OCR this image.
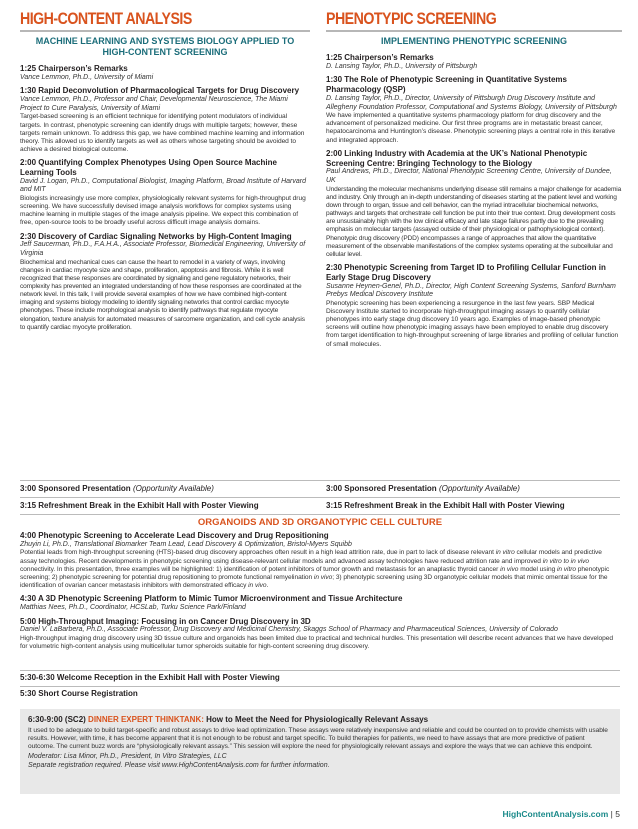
HIGH-CONTENT ANALYSIS
MACHINE LEARNING AND SYSTEMS BIOLOGY APPLIED TO HIGH-CONTENT SCREENING
1:25 Chairperson’s Remarks
Vance Lemmon, Ph.D., University of Miami
1:30 Rapid Deconvolution of Pharmacological Targets for Drug Discovery
Vance Lemmon, Ph.D., Professor and Chair, Developmental Neuroscience, The Miami Project to Cure Paralysis, University of Miami
Target-based screening is an efficient technique for identifying potent modulators of individual targets. In contrast, phenotypic screening can identify drugs with multiple targets; however, these targets remain unknown. To address this gap, we have combined machine learning and information theory. This allowed us to identify targets as well as others whose targeting should be avoided to achieve a desired biological outcome.
2:00 Quantifying Complex Phenotypes Using Open Source Machine Learning Tools
David J. Logan, Ph.D., Computational Biologist, Imaging Platform, Broad Institute of Harvard and MIT
Biologists increasingly use more complex, physiologically relevant systems for high-throughput drug screening. We have successfully devised image analysis workflows for complex systems using machine learning in multiple stages of the image analysis pipeline. We expect this combination of free, open-source tools to be broadly useful across difficult image analysis domains.
2:30 Discovery of Cardiac Signaling Networks by High-Content Imaging
Jeff Saucerman, Ph.D., F.A.H.A., Associate Professor, Biomedical Engineering, University of Virginia
Biochemical and mechanical cues can cause the heart to remodel in a variety of ways, involving changes in cardiac myocyte size and shape, proliferation, apoptosis and fibrosis. While it is well recognized that these responses are coordinated by signaling and gene regulatory networks, their complexity has prevented an integrated understanding of how these responses are coordinated at the network level. In this talk, I will provide several examples of how we have combined high-content imaging and systems biology modeling to identify signaling networks that control cardiac myocyte phenotypes. These include morphological analysis to identify pathways that regulate myocyte elongation, texture analysis for automated measures of sarcomere organization, and cell cycle analysis to quantify cardiac myocyte proliferation.
PHENOTYPIC SCREENING
IMPLEMENTING PHENOTYPIC SCREENING
1:25 Chairperson’s Remarks
D. Lansing Taylor, Ph.D., University of Pittsburgh
1:30 The Role of Phenotypic Screening in Quantitative Systems Pharmacology (QSP)
D. Lansing Taylor, Ph.D., Director, University of Pittsburgh Drug Discovery Institute and Allegheny Foundation Professor, Computational and Systems Biology, University of Pittsburgh
We have implemented a quantitative systems pharmacology platform for drug discovery and the advancement of personalized medicine. Our first three programs are in metastatic breast cancer, hepatocarcinoma and Huntington’s disease. Phenotypic screening plays a central role in this iterative and integrated approach.
2:00 Linking Industry with Academia at the UK’s National Phenotypic Screening Centre: Bringing Technology to the Biology
Paul Andrews, Ph.D., Director, National Phenotypic Screening Centre, University of Dundee, UK
Understanding the molecular mechanisms underlying disease still remains a major challenge for academia and industry. Only through an in-depth understanding of diseases starting at the patient level and working down through to organ, tissue and cell behavior, can the myriad intracellular biochemical networks, pathways and targets that orchestrate cell function be put into their true context. Drug development costs are unsustainably high with the low clinical efficacy and late stage failures partly due to the prevailing emphasis on molecular targets (assayed outside of their physiological or pathophysiological context). Phenotypic drug discovery (PDD) encompasses a range of approaches that allow the quantitative measurement of the observable manifestations of the complex systems operating at the subcellular and cellular level.
2:30 Phenotypic Screening from Target ID to Profiling Cellular Function in Early Stage Drug Discovery
Susanne Heynen-Genel, Ph.D., Director, High Content Screening Systems, Sanford Burnham Prebys Medical Discovery Institute
Phenotypic screening has been experiencing a resurgence in the last few years. SBP Medical Discovery Institute started to incorporate high-throughput imaging assays to quantify cellular phenotypes into early stage drug discovery 10 years ago. Examples of image-based phenotypic screens will outline how phenotypic imaging assays have been employed to enable drug discovery from target identification to high-throughput screening of large libraries and profiling of cellular function of small molecules.
3:00 Sponsored Presentation (Opportunity Available)	3:00 Sponsored Presentation (Opportunity Available)
3:15 Refreshment Break in the Exhibit Hall with Poster Viewing	3:15 Refreshment Break in the Exhibit Hall with Poster Viewing
ORGANOIDS AND 3D ORGANOTYPIC CELL CULTURE
4:00 Phenotypic Screening to Accelerate Lead Discovery and Drug Repositioning
Zhuyin Li, Ph.D., Translational Biomarker Team Lead, Lead Discovery & Optimization, Bristol-Myers Squibb
Potential leads from high-throughput screening (HTS)-based drug discovery approaches often result in a high lead attrition rate, due in part to lack of disease relevant in vitro cellular models and predictive assay technologies. Recent developments in phenotypic screening using disease-relevant cellular models and advanced assay technologies have reduced attrition rate and improved in vitro to in vivo connectivity. In this presentation, three examples will be highlighted: 1) identification of potent inhibitors of tumor growth and metastasis for an anaplastic thyroid cancer in vivo model using in vitro phenotypic screening; 2) phenotypic screening for potential drug repositioning to promote functional remyelination in vivo; 3) phenotypic screening using 3D organotypic cellular models that mimic omental tissue for the identification of ovarian cancer metastasis inhibitors with demonstrated efficacy in vivo.
4:30 A 3D Phenotypic Screening Platform to Mimic Tumor Microenvironment and Tissue Architecture
Matthias Nees, Ph.D., Coordinator, HCSLab, Turku Science Park/Finland
5:00 High-Throughput Imaging: Focusing in on Cancer Drug Discovery in 3D
Daniel V. LaBarbera, Ph.D., Associate Professor, Drug Discovery and Medicinal Chemistry, Skaggs School of Pharmacy and Pharmaceutical Sciences, University of Colorado
High-throughput imaging drug discovery using 3D tissue culture and organoids has been limited due to practical and technical hurdles. This presentation will describe recent advances that we have developed for volumetric high-content analysis using multicellular tumor spheroids suitable for high-content screening drug discovery.
5:30-6:30 Welcome Reception in the Exhibit Hall with Poster Viewing
5:30 Short Course Registration
6:30-9:00 (SC2) DINNER EXPERT THINKTANK: How to Meet the Need for Physiologically Relevant Assays
It used to be adequate to build target-specific and robust assays to drive lead optimization. These assays were relatively inexpensive and reliable and could be counted on to provide chemists with usable results. However, with time, it has become apparent that it is not enough to be robust and target specific. To build therapies for patients, we need to have assays that are more predictive of patient outcome. The current buzz words are “physiologically relevant assays.” This session will explore the need for physiologically relevant assays and explore the ways that we can achieve this endpoint.
Moderator: Lisa Minor, Ph.D., President, In Vitro Strategies, LLC
Separate registration required. Please visit www.HighContentAnalysis.com for further information.
HighContentAnalysis.com | 5
